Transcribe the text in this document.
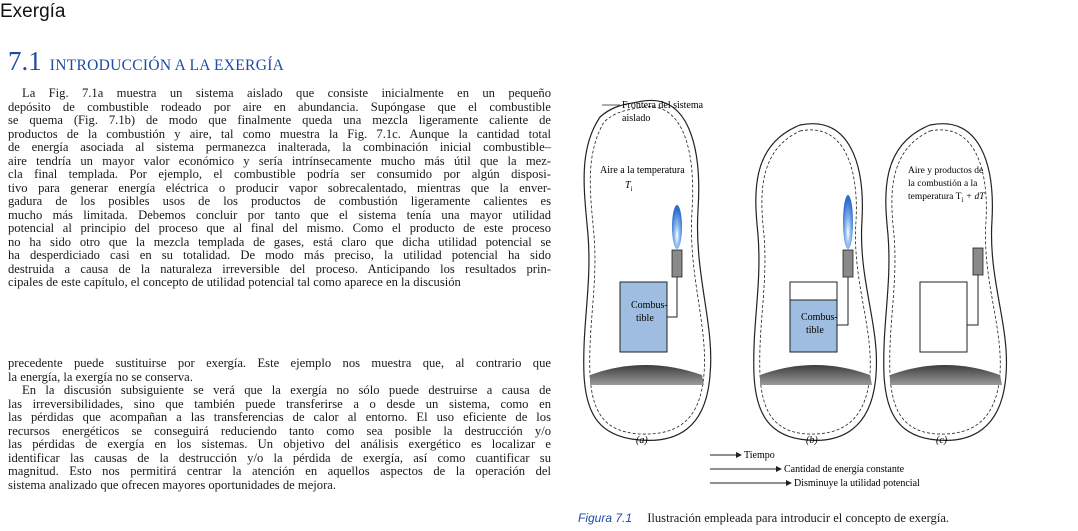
Exergía
7.1 INTRODUCCIÓN A LA EXERGÍA
La Fig. 7.1a muestra un sistema aislado que consiste inicialmente en un pequeño
depósito de combustible rodeado por aire en abundancia. Supóngase que el combustible
se quema (Fig. 7.1b) de modo que finalmente queda una mezcla ligeramente caliente de
productos de la combustión y aire, tal como muestra la Fig. 7.1c. Aunque la cantidad total
de energía asociada al sistema permanezca inalterada, la combinación inicial combustible–
aire tendría un mayor valor económico y sería intrínsecamente mucho más útil que la mez-
cla final templada. Por ejemplo, el combustible podría ser consumido por algún disposi-
tivo para generar energía eléctrica o producir vapor sobrecalentado, mientras que la enver-
gadura de los posibles usos de los productos de combustión ligeramente calientes es
mucho más limitada. Debemos concluir por tanto que el sistema tenía una mayor utilidad
potencial al principio del proceso que al final del mismo. Como el producto de este proceso
no ha sido otro que la mezcla templada de gases, está claro que dicha utilidad potencial se
ha desperdiciado casi en su totalidad. De modo más preciso, la utilidad potencial ha sido
destruida a causa de la naturaleza irreversible del proceso. Anticipando los resultados prin-
cipales de este capítulo, el concepto de utilidad potencial tal como aparece en la discusión
precedente puede sustituirse por exergía. Este ejemplo nos muestra que, al contrario que
la energía, la exergía no se conserva.
En la discusión subsiguiente se verá que la exergía no sólo puede destruirse a causa de
las irreversibilidades, sino que también puede transferirse a o desde un sistema, como en
las pérdidas que acompañan a las transferencias de calor al entorno. El uso eficiente de los
recursos energéticos se conseguirá reduciendo tanto como sea posible la destrucción y/o
las pérdidas de exergía en los sistemas. Un objetivo del análisis exergético es localizar e
identificar las causas de la destrucción y/o la pérdida de exergía, así como cuantificar su
magnitud. Esto nos permitirá centrar la atención en aquellos aspectos de la operación del
sistema analizado que ofrecen mayores oportunidades de mejora.
Combus-
tible
Aire a la temperatura
$T_i$
(a)
Frontera del sistema
aislado
Combus-
tible
(b)
Aire y productos de
la combustión a la
temperatura $T_i$ + dT
(c)
Tiempo
Cantidad de energía constante
Disminuye la utilidad potencial
Figura 7.1 Ilustración empleada para introducir el concepto de exergía.
